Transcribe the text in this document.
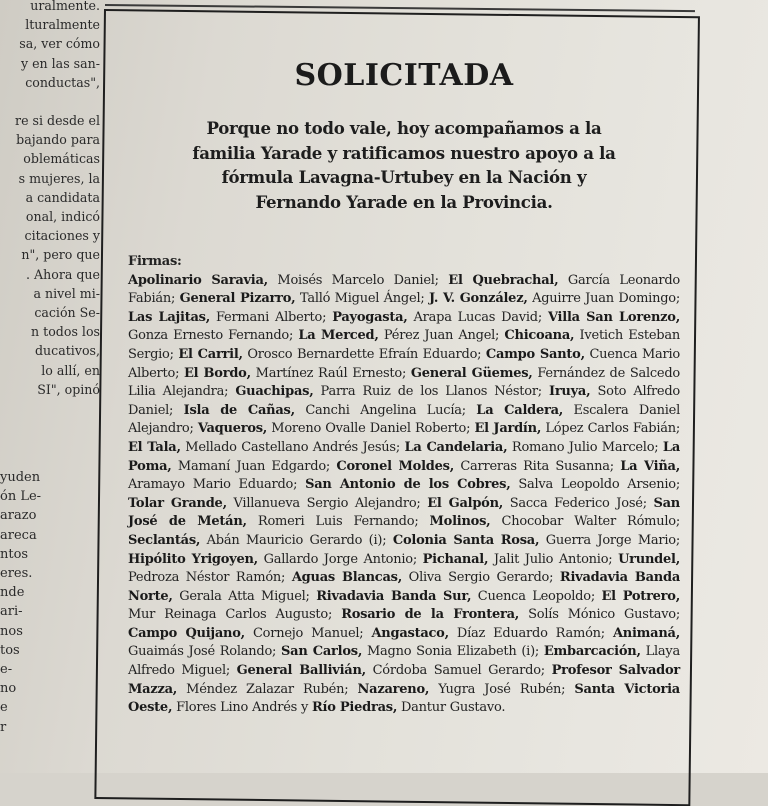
uralmente.
lturalmente
sa, ver cómo
y en las san-
conductas",
re si desde el
bajando para
oblemáticas
s mujeres, la
a candidata
onal, indicó
citaciones y
n", pero que
. Ahora que
a nivel mi-
cación Se-
n todos los
ducativos,
lo allí, en
SI", opinó
yuden
ón Le-
arazo
areca
ntos
eres.
nde
ari-
nos
tos
e-
no
e
r
SOLICITADA
Porque no todo vale, hoy acompañamos a la
familia Yarade y ratificamos nuestro apoyo a la
fórmula Lavagna-Urtubey en la Nación y
Fernando Yarade en la Provincia.
Firmas:
Apolinario Saravia, Moisés Marcelo Daniel; El Quebrachal, García Leonardo Fabián; General Pizarro, Talló Miguel Ángel; J. V. González, Aguirre Juan Domingo; Las Lajitas, Fermani Alberto; Payogasta, Arapa Lucas David; Villa San Lorenzo, Gonza Ernesto Fernando; La Merced, Pérez Juan Angel; Chicoana, Ivetich Esteban Sergio; El Carril, Orosco Bernardette Efraín Eduardo; Campo Santo, Cuenca Mario Alberto; El Bordo, Martínez Raúl Ernesto; General Güemes, Fernández de Salcedo Lilia Alejandra; Guachipas, Parra Ruiz de los Llanos Néstor; Iruya, Soto Alfredo Daniel; Isla de Cañas, Canchi Angelina Lucía; La Caldera, Escalera Daniel Alejandro; Vaqueros, Moreno Ovalle Daniel Roberto; El Jardín, López Carlos Fabián; El Tala, Mellado Castellano Andrés Jesús; La Candelaria, Romano Julio Marcelo; La Poma, Mamaní Juan Edgardo; Coronel Moldes, Carreras Rita Susanna; La Viña, Aramayo Mario Eduardo; San Antonio de los Cobres, Salva Leopoldo Arsenio; Tolar Grande, Villanueva Sergio Alejandro; El Galpón, Sacca Federico José; San José de Metán, Romeri Luis Fernando; Molinos, Chocobar Walter Rómulo; Seclantás, Abán Mauricio Gerardo (i); Colonia Santa Rosa, Guerra Jorge Mario; Hipólito Yrigoyen, Gallardo Jorge Antonio; Pichanal, Jalit Julio Antonio; Urundel, Pedroza Néstor Ramón; Aguas Blancas, Oliva Sergio Gerardo; Rivadavia Banda Norte, Gerala Atta Miguel; Rivadavia Banda Sur, Cuenca Leopoldo; El Potrero, Mur Reinaga Carlos Augusto; Rosario de la Frontera, Solís Mónico Gustavo; Campo Quijano, Cornejo Manuel; Angastaco, Díaz Eduardo Ramón; Animaná, Guaimás José Rolando; San Carlos, Magno Sonia Elizabeth (i); Embarcación, Llaya Alfredo Miguel; General Ballivián, Córdoba Samuel Gerardo; Profesor Salvador Mazza, Méndez Zalazar Rubén; Nazareno, Yugra José Rubén; Santa Victoria Oeste, Flores Lino Andrés y Río Piedras, Dantur Gustavo.
